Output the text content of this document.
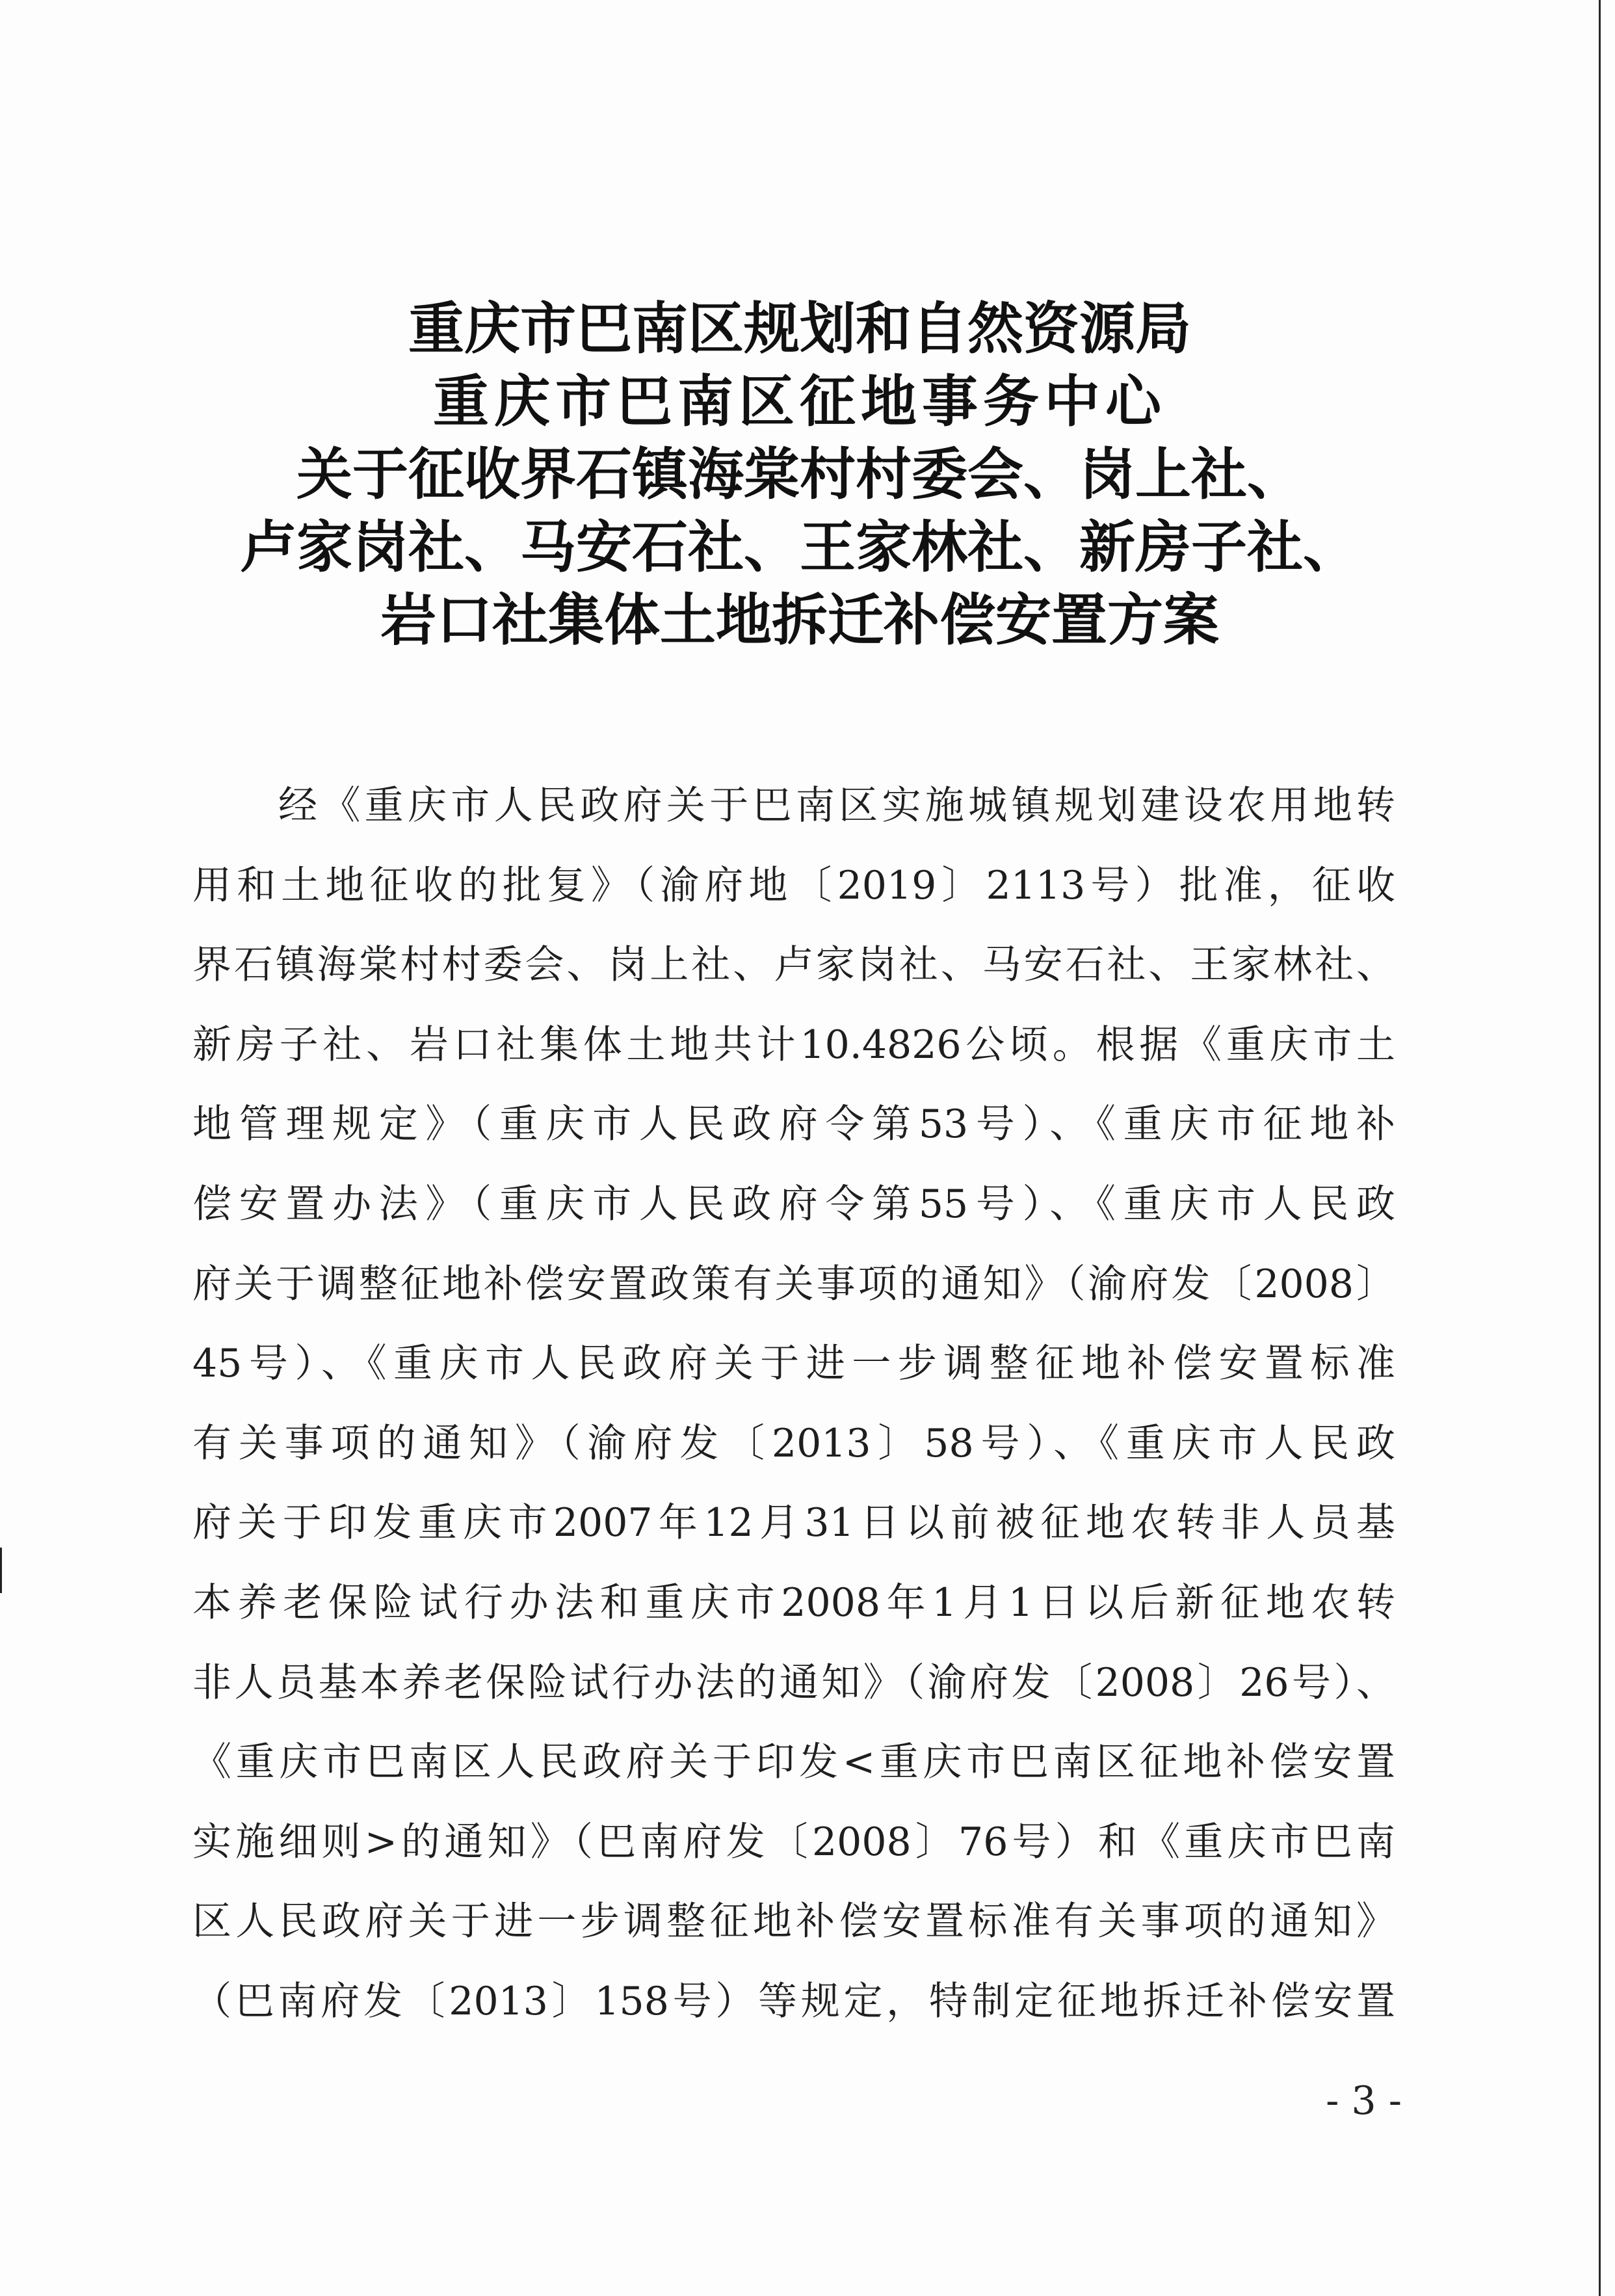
重庆市巴南区规划和自然资源局
重庆市巴南区征地事务中心
关于征收界石镇海棠村村委会、岗上社、
卢家岗社、马安石社、王家林社、新房子社、
岩口社集体土地拆迁补偿安置方案
经《重庆市人民政府关于巴南区实施城镇规划建设农用地转
用和土地征收的批复》（渝府地〔2019〕2113号）批准，征收
界石镇海棠村村委会、岗上社、卢家岗社、马安石社、王家林社、
新房子社、岩口社集体土地共计10.4826公顷。根据《重庆市土
地管理规定》（重庆市人民政府令第53号）、《重庆市征地补
偿安置办法》（重庆市人民政府令第55号）、《重庆市人民政
府关于调整征地补偿安置政策有关事项的通知》（渝府发〔2008〕
45号）、《重庆市人民政府关于进一步调整征地补偿安置标准
有关事项的通知》（渝府发〔2013〕58号）、《重庆市人民政
府关于印发重庆市2007年12月31日以前被征地农转非人员基
本养老保险试行办法和重庆市2008年1月1日以后新征地农转
非人员基本养老保险试行办法的通知》（渝府发〔2008〕26号）、
《重庆市巴南区人民政府关于印发<重庆市巴南区征地补偿安置
实施细则>的通知》（巴南府发〔2008〕76号）和《重庆市巴南
区人民政府关于进一步调整征地补偿安置标准有关事项的通知》
（巴南府发〔2013〕158号）等规定，特制定征地拆迁补偿安置
- 3 -
